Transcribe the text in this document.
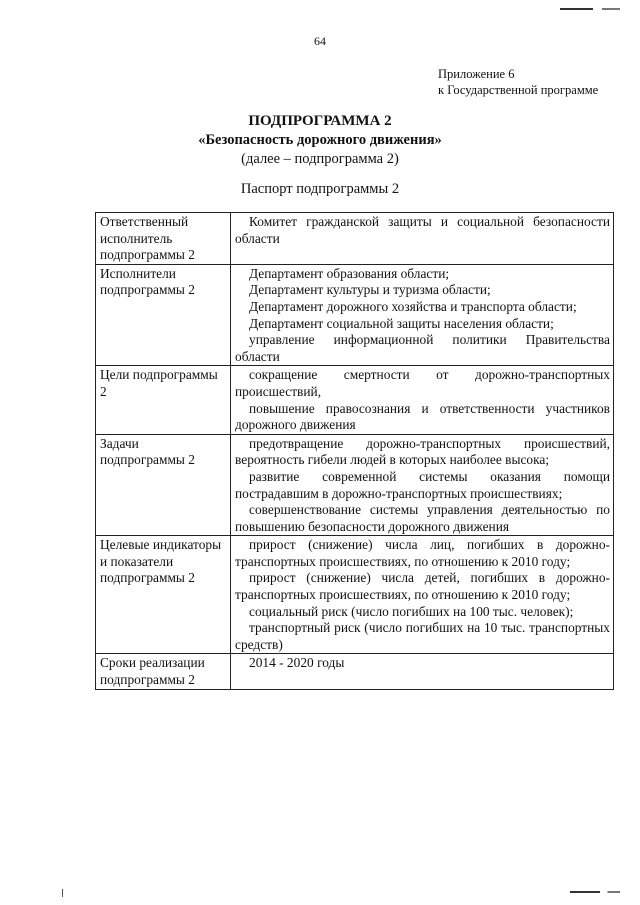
64
Приложение 6
к Государственной программе
ПОДПРОГРАММА 2
«Безопасность дорожного движения»
(далее – подпрограмма 2)
Паспорт подпрограммы 2
Ответственный исполнитель подпрограммы 2	Комитет гражданской защиты и социальной безопасности области

Исполнители подпрограммы 2	Департамент образования области;

Департамент культуры и туризма области;

Департамент дорожного хозяйства и транспорта области;

Департамент социальной защиты населения области;

управление информационной политики Правительства области

Цели подпрограммы 2	сокращение смертности от дорожно-транспортных происшествий,

повышение правосознания и ответственности участников дорожного движения

Задачи подпрограммы 2	предотвращение дорожно-транспортных происшествий, вероятность гибели людей в которых наиболее высока;

развитие современной системы оказания помощи пострадавшим в дорожно-транспортных происшествиях;

совершенствование системы управления деятельностью по повышению безопасности дорожного движения

Целевые индикаторы и показатели подпрограммы 2	прирост (снижение) числа лиц, погибших в дорожно-транспортных происшествиях, по отношению к 2010 году;

прирост (снижение) числа детей, погибших в дорожно-транспортных происшествиях, по отношению к 2010 году;

социальный риск (число погибших на 100 тыс. человек);

транспортный риск (число погибших на 10 тыс. транспортных средств)

Сроки реализации подпрограммы 2	2014 - 2020 годы
